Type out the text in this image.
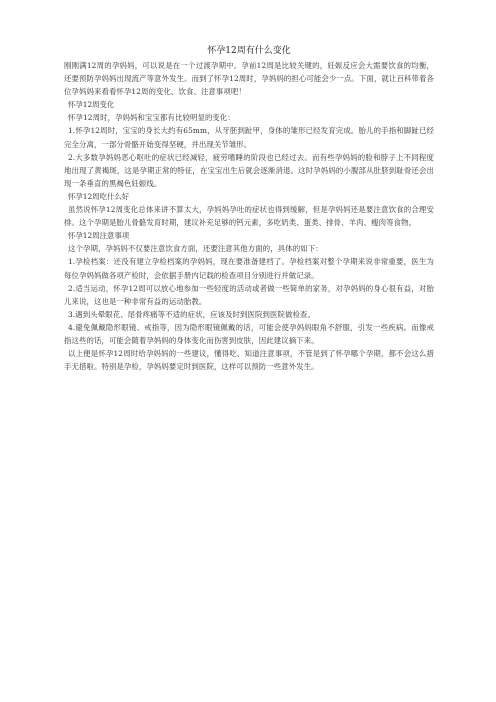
怀孕12周有什么变化

刚刚满12周的孕妈妈，可以说是在一个过渡孕期中。孕前12周是比较关键的，妊娠反应会大需要饮食的均衡，还要预防孕妈妈出现流产等意外发生。而到了怀孕12周时，孕妈妈的担心可能会少一点。下面，就让百科带着各位孕妈妈来看看怀孕12周的变化、饮食、注意事项吧！

怀孕12周变化

怀孕12周时，孕妈妈和宝宝都有比较明显的变化：

1.怀孕12周时，宝宝的身长大约有65mm，从牙胚到趾甲，身体的雏形已经发育完成。胎儿的手指和脚趾已经完全分离，一部分骨骼开始变得坚硬，并出现关节雏形。

2.大多数孕妈妈恶心呕吐的症状已经减轻，疲劳嗜睡的阶段也已经过去。而有些孕妈妈的脸和脖子上不同程度地出现了黄褐斑，这是孕期正常的特征，在宝宝出生后就会逐渐消退。这时孕妈妈的小腹部从肚脐到耻骨还会出现一条垂直的黑褐色妊娠线。

怀孕12周吃什么好

虽然说怀孕12周变化总体来讲不算太大，孕妈妈孕吐的症状也得到缓解，但是孕妈妈还是要注意饮食的合理安排。这个孕期是胎儿骨骼发育时期，建议补充足够的钙元素，多吃奶类、蛋类、排骨、羊肉、瘦肉等食物。

怀孕12周注意事项

这个孕期，孕妈妈不仅要注意饮食方面，还要注意其他方面的，具体的如下：

1.孕检档案：还没有建立孕检档案的孕妈妈，现在要准备建档了。孕检档案对整个孕期来说非常重要，医生为每位孕妈妈做各项产检时，会依据手册内记载的检查项目分别进行并做记录。

2.适当运动，怀孕12周可以放心地参加一些轻度的活动或者做一些简单的家务，对孕妈妈的身心很有益，对胎儿来说，这也是一种非常有益的运动胎教。

3.遇到头晕眼花、尾骨疼痛等不适的症状，应该及时到医院到医院做检查。

4.避免佩戴隐形眼镜、戒指等，因为隐形眼镜佩戴的话，可能会使孕妈妈眼角不舒服，引发一些疾病。而像戒指这些的话，可能会随着孕妈妈的身体变化而伤害到皮肤，因此建议摘下来。

以上便是怀孕12周时给孕妈妈的一些建议，懂得吃、知道注意事项，不管是到了怀孕哪个孕期，都不会这么措手无措啦。特别是孕检，孕妈妈要定时到医院，这样可以预防一些意外发生。
